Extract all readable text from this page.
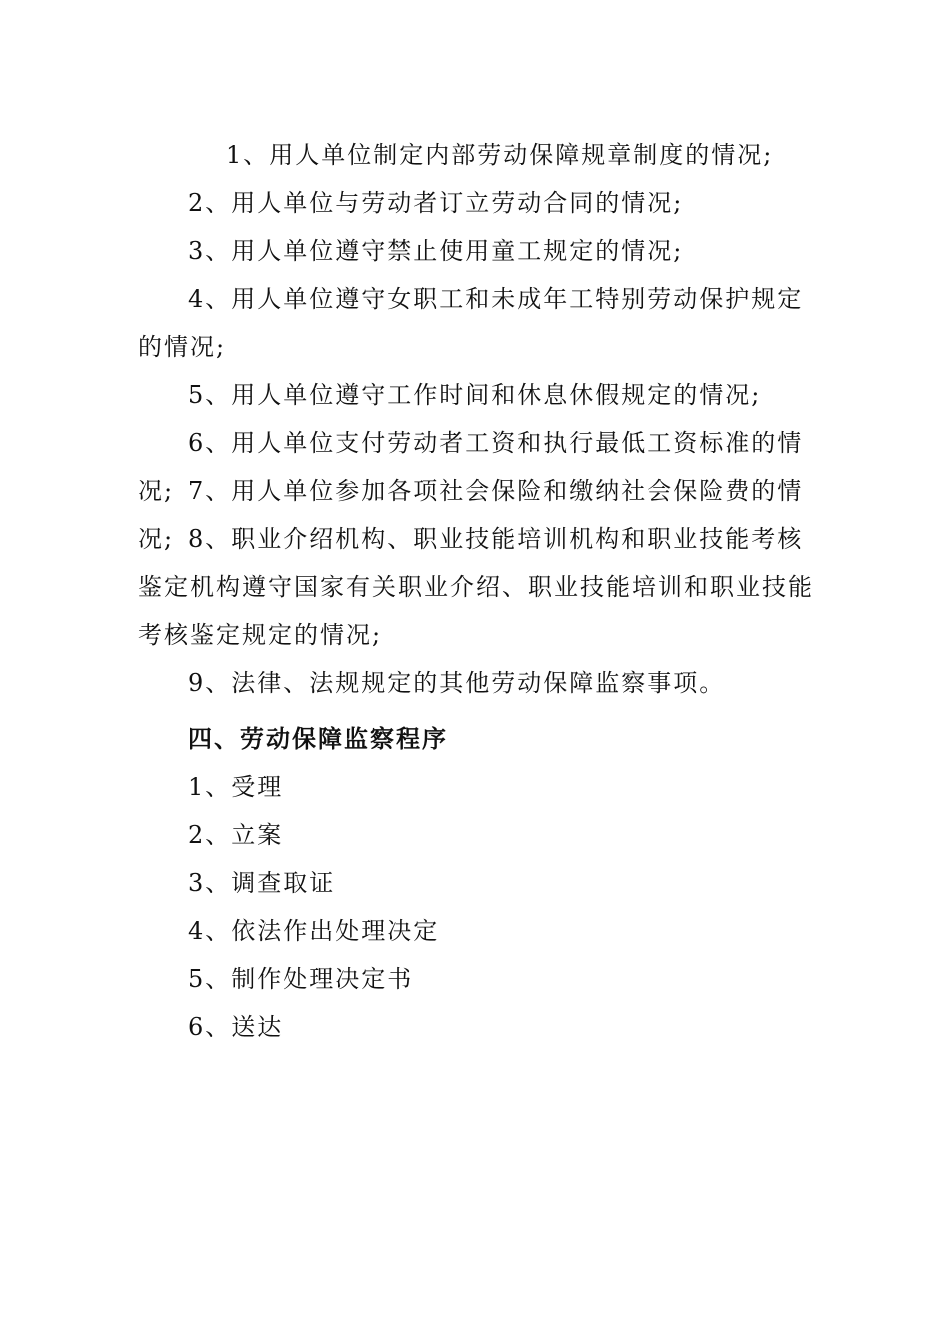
1、用人单位制定内部劳动保障规章制度的情况;
2、用人单位与劳动者订立劳动合同的情况;
3、用人单位遵守禁止使用童工规定的情况;
4、用人单位遵守女职工和未成年工特别劳动保护规定的情况;
5、用人单位遵守工作时间和休息休假规定的情况;
6、用人单位支付劳动者工资和执行最低工资标准的情况; 7、用人单位参加各项社会保险和缴纳社会保险费的情况; 8、职业介绍机构、职业技能培训机构和职业技能考核鉴定机构遵守国家有关职业介绍、职业技能培训和职业技能考核鉴定规定的情况;
9、法律、法规规定的其他劳动保障监察事项。
四、劳动保障监察程序
1、受理
2、立案
3、调查取证
4、依法作出处理决定
5、制作处理决定书
6、送达
